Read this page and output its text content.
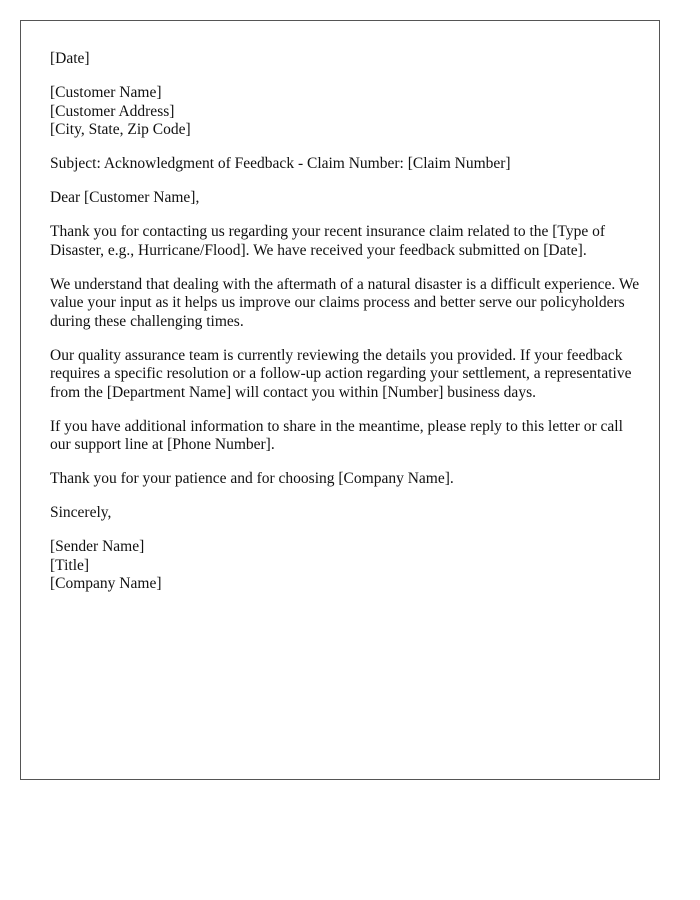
[Date]

[Customer Name]
[Customer Address]
[City, State, Zip Code]

Subject: Acknowledgment of Feedback - Claim Number: [Claim Number]

Dear [Customer Name],

Thank you for contacting us regarding your recent insurance claim related to the [Type of Disaster, e.g., Hurricane/Flood]. We have received your feedback submitted on [Date].

We understand that dealing with the aftermath of a natural disaster is a difficult experience. We value your input as it helps us improve our claims process and better serve our policyholders during these challenging times.

Our quality assurance team is currently reviewing the details you provided. If your feedback requires a specific resolution or a follow-up action regarding your settlement, a representative from the [Department Name] will contact you within [Number] business days.

If you have additional information to share in the meantime, please reply to this letter or call our support line at [Phone Number].

Thank you for your patience and for choosing [Company Name].

Sincerely,

[Sender Name]
[Title]
[Company Name]
